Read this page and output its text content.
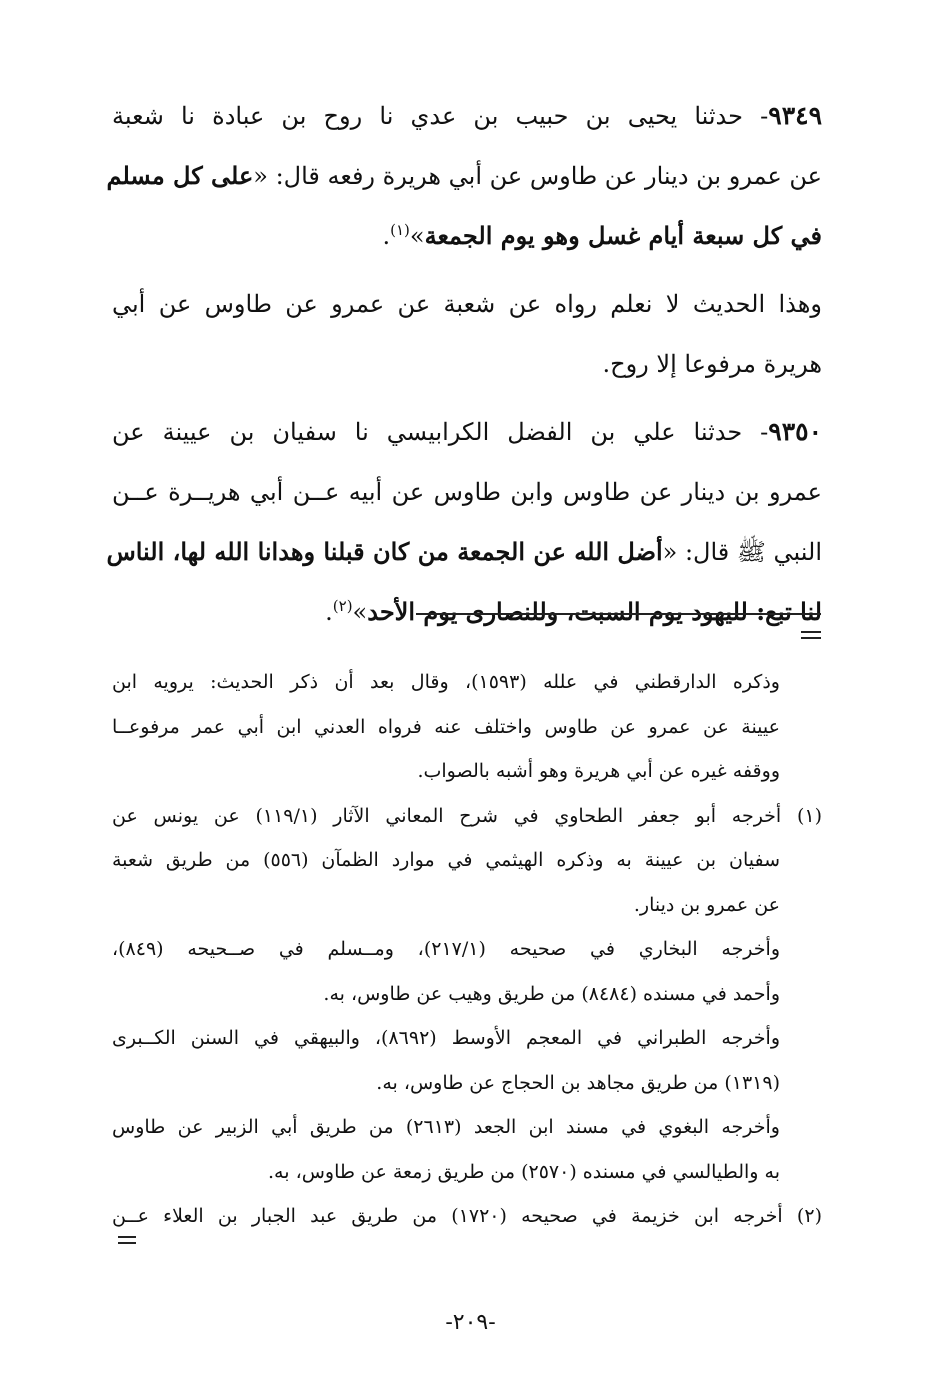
٩٣٤٩- حدثنا يحيى بن حبيب بن عدي نا روح بن عبادة نا شعبة
عن عمرو بن دينار عن طاوس عن أبي هريرة رفعه قال: «على كل مسلم
في كل سبعة أيام غسل وهو يوم الجمعة»$^{(١)}$.
وهذا الحديث لا نعلم رواه عن شعبة عن عمرو عن طاوس عن أبي
هريرة مرفوعا إلا روح.
٩٣٥٠- حدثنا علي بن الفضل الكرابيسي نا سفيان بن عيينة عن
عمرو بن دينار عن طاوس وابن طاوس عن أبيه عــن أبي هريــرة عــن
النبي ﷺ قال: «أضل الله عن الجمعة من كان قبلنا وهدانا الله لها، الناس
لنا تبع: لليهود يوم السبت، وللنصارى يوم الأحد»$^{(٢)}$.
وذكره الدارقطني في علله (١٥٩٣)، وقال بعد أن ذكر الحديث: يرويه ابن
عيينة عن عمرو عن طاوس واختلف عنه فرواه العدني ابن أبي عمر مرفوعــا
ووقفه غيره عن أبي هريرة وهو أشبه بالصواب.
(١) أخرجه أبو جعفر الطحاوي في شرح المعاني الآثار (١١٩/١) عن يونس عن
سفيان بن عيينة به وذكره الهيثمي في موارد الظمآن (٥٥٦) من طريق شعبة
عن عمرو بن دينار.
وأخرجه البخاري في صحيحه (٢١٧/١)، ومــسلم في صــحيحه (٨٤٩)،
وأحمد في مسنده (٨٤٨٤) من طريق وهيب عن طاوس، به.
وأخرجه الطبراني في المعجم الأوسط (٨٦٩٢)، والبيهقي في السنن الكــبرى
(١٣١٩) من طريق مجاهد بن الحجاج عن طاوس، به.
وأخرجه البغوي في مسند ابن الجعد (٢٦١٣) من طريق أبي الزبير عن طاوس
به والطيالسي في مسنده (٢٥٧٠) من طريق زمعة عن طاوس، به.
(٢) أخرجه ابن خزيمة في صحيحه (١٧٢٠) من طريق عبد الجبار بن العلاء عــن
-٢٠٩-
